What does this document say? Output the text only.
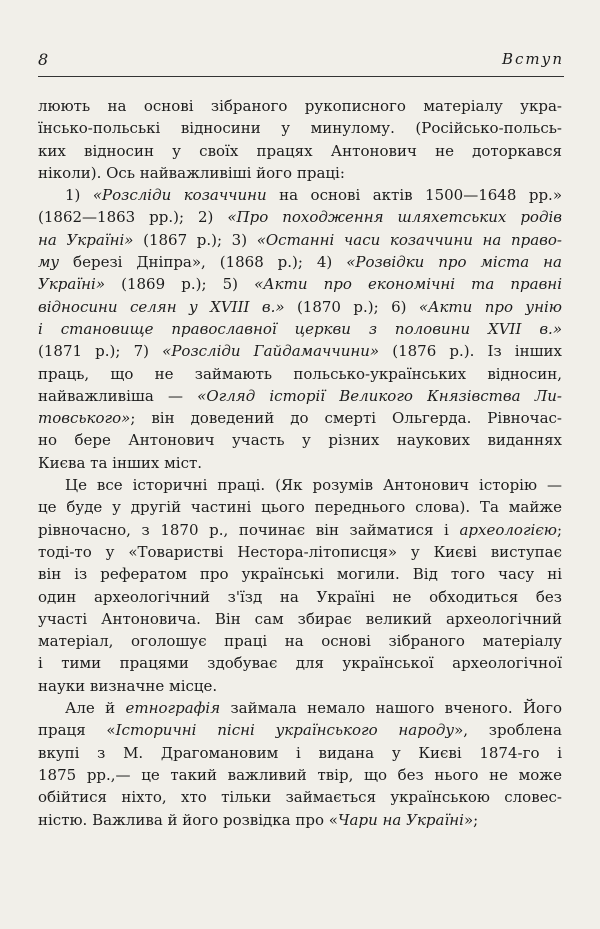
8	Вступ
люють на основі зібраного рукописного матеріалу укра-
їнсько-польські відносини у минулому. (Російсько-польсь-
ких відносин у своїх працях Антонович не доторкався
ніколи). Ось найважливіші його праці:
1) «Розсліди козаччини на основі актів 1500—1648 рр.»
(1862—1863 рр.); 2) «Про походження шляхетських родів
на Україні» (1867 р.); 3) «Останні часи козаччини на право-
му березі Дніпра», (1868 р.); 4) «Розвідки про міста на
Україні» (1869 р.); 5) «Акти про економічні та правні
відносини селян у XVIII в.» (1870 р.); 6) «Акти про унію
і становище православної церкви з половини XVII в.»
(1871 р.); 7) «Розсліди Гайдамаччини» (1876 р.). Із інших
праць, що не займають польсько-українських відносин,
найважливіша — «Огляд історії Великого Князівства Ли-
товського»; він доведений до смерті Ольгерда. Рівночас-
но бере Антонович участь у різних наукових виданнях
Києва та інших міст.
Це все історичні праці. (Як розумів Антонович історію —
це буде у другій частині цього переднього слова). Та майже
рівночасно, з 1870 р., починає він займатися і археологією;
тоді-то у «Товаристві Нестора-літописця» у Києві виступає
він із рефератом про українські могили. Від того часу ні
один археологічний з'їзд на Україні не обходиться без
участі Антоновича. Він сам збирає великий археологічний
матеріал, оголошує праці на основі зібраного матеріалу
і тими працями здобуває для української археологічної
науки визначне місце.
Але й етнографія займала немало нашого вченого. Його
праця «Історичні пісні українського народу», зроблена
вкупі з М. Драгомановим і видана у Києві 1874-го і
1875 рр.,— це такий важливий твір, що без нього не може
обійтися ніхто, хто тільки займається українською словес-
ністю. Важлива й його розвідка про «Чари на Україні»;
